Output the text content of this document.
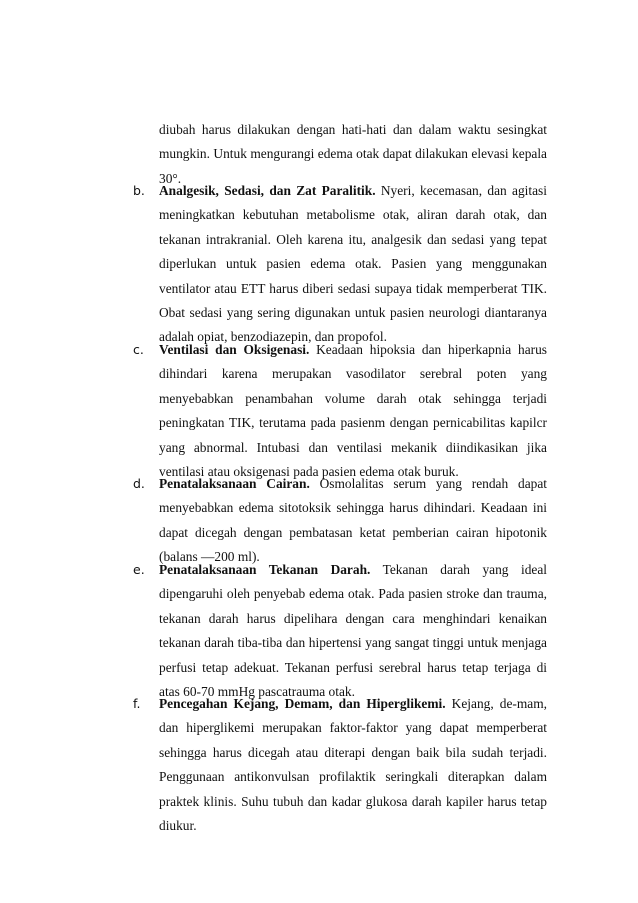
diubah harus dilakukan dengan hati-hati dan dalam waktu sesingkat mungkin. Untuk mengurangi edema otak dapat dilakukan elevasi kepala 30°.

b. Analgesik, Sedasi, dan Zat Paralitik. Nyeri, kecemasan, dan agitasi meningkatkan kebutuhan metabolisme otak, aliran darah otak, dan tekanan intrakranial. Oleh karena itu, analgesik dan sedasi yang tepat diperlukan untuk pasien edema otak. Pasien yang menggunakan ventilator atau ETT harus diberi sedasi supaya tidak memperberat TIK. Obat sedasi yang sering digunakan untuk pasien neurologi diantaranya adalah opiat, benzodiazepin, dan propofol.

c. Ventilasi dan Oksigenasi. Keadaan hipoksia dan hiperkapnia harus dihindari karena merupakan vasodilator serebral poten yang menyebabkan penambahan volume darah otak sehingga terjadi peningkatan TIK, terutama pada pasienm dengan pernicabilitas kapilcr yang abnormal. Intubasi dan ventilasi mekanik diindikasikan jika ventilasi atau oksigenasi pada pasien edema otak buruk.

d. Penatalaksanaan Cairan. Osmolalitas serum yang rendah dapat menyebabkan edema sitotoksik sehingga harus dihindari. Keadaan ini dapat dicegah dengan pembatasan ketat pemberian cairan hipotonik (balans —200 ml).

e. Penatalaksanaan Tekanan Darah. Tekanan darah yang ideal dipengaruhi oleh penyebab edema otak. Pada pasien stroke dan trauma, tekanan darah harus dipelihara dengan cara menghindari kenaikan tekanan darah tiba-tiba dan hipertensi yang sangat tinggi untuk menjaga perfusi tetap adekuat. Tekanan perfusi serebral harus tetap terjaga di atas 60-70 mmHg pascatrauma otak.

f. Pencegahan Kejang, Demam, dan Hiperglikemi. Kejang, de-mam, dan hiperglikemi merupakan faktor-faktor yang dapat memperberat sehingga harus dicegah atau diterapi dengan baik bila sudah terjadi. Penggunaan antikonvulsan profilaktik seringkali diterapkan dalam praktek klinis. Suhu tubuh dan kadar glukosa darah kapiler harus tetap diukur.
